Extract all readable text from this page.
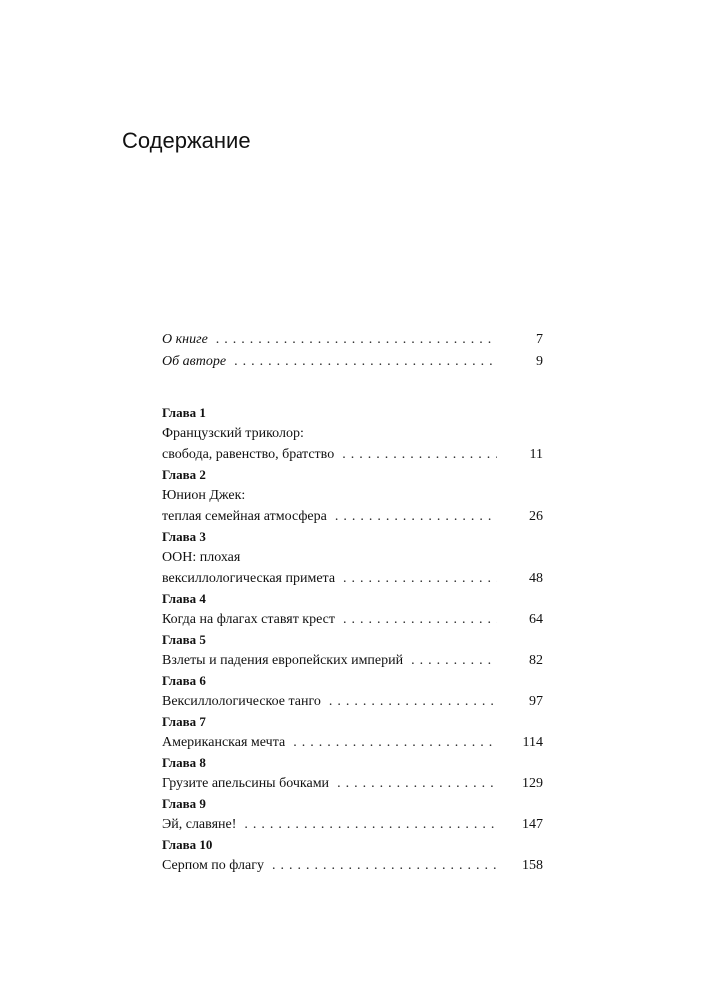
Содержание
О книге . . .	7
Об авторе . . .	9
Глава 1
Французский триколор:
свобода, равенство, братство . . .	11
Глава 2
Юнион Джек:
теплая семейная атмосфера . . .	26
Глава 3
ООН: плохая
вексиллологическая примета . . .	48
Глава 4
Когда на флагах ставят крест . . .	64
Глава 5
Взлеты и падения европейских империй . . .	82
Глава 6
Вексиллологическое танго . . .	97
Глава 7
Американская мечта . . .	114
Глава 8
Грузите апельсины бочками . . .	129
Глава 9
Эй, славяне! . . .	147
Глава 10
Серпом по флагу . . .	158
